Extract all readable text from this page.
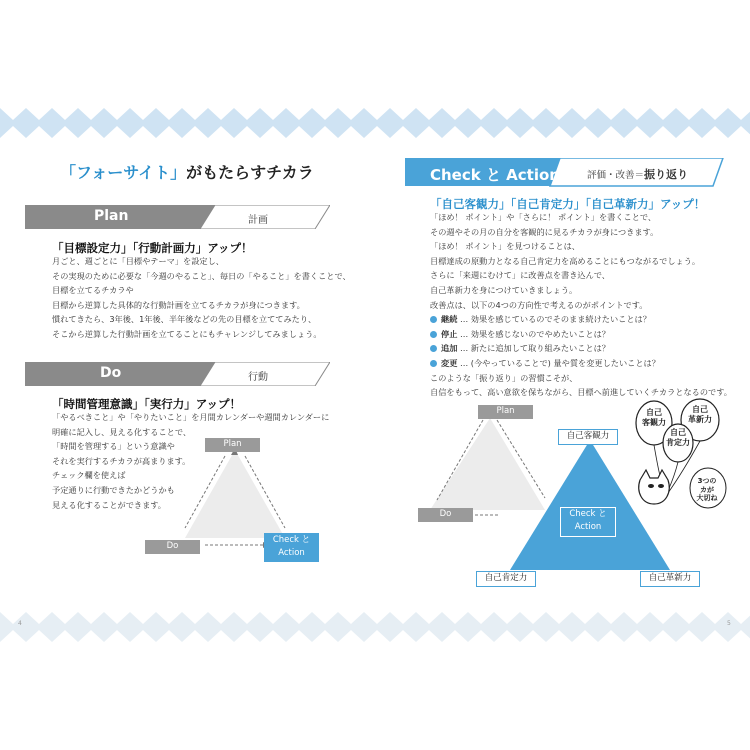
「フォーサイト」がもたらすチカラ
Plan	計画
「目標設定力」「行動計画力」アップ！
月ごと、週ごとに「目標やテーマ」を設定し、
その実現のために必要な「今週のやること」、毎日の「やること」を書くことで、
目標を立てるチカラや
目標から逆算した具体的な行動計画を立てるチカラが身につきます。
慣れてきたら、3年後、1年後、半年後などの先の目標を立ててみたり、
そこから逆算した行動計画を立てることにもチャレンジしてみましょう。
Do	行動
「時間管理意識」「実行力」アップ！
「やるべきこと」や「やりたいこと」を月間カレンダーや週間カレンダーに
明確に記入し、見える化することで、
「時間を管理する」という意識や
それを実行するチカラが高まります。
チェック欄を使えば
予定通りに行動できたかどうかも
見える化することができます。
Plan
Do
Check と
Action
4
Check と Action	評価・改善＝振り返り
「自己客観力」「自己肯定力」「自己革新力」アップ！
「ほめ！ ポイント」や「さらに！ ポイント」を書くことで、
その週やその月の自分を客観的に見るチカラが身につきます。
「ほめ！ ポイント」を見つけることは、
目標達成の原動力となる自己肯定力を高めることにもつながるでしょう。
さらに「来週にむけて」に改善点を書き込んで、
自己革新力を身につけていきましょう。
改善点は、以下の4つの方向性で考えるのがポイントです。
継続 … 効果を感じているのでそのまま続けたいことは？
停止 … 効果を感じないのでやめたいことは？
追加 … 新たに追加して取り組みたいことは？
変更 … (今やっていることで) 量や質を変更したいことは？
このような「振り返り」の習慣こそが、
自信をもって、高い意欲を保ちながら、目標へ前進していくチカラとなるのです。
Plan
Do
自己客観力
自己肯定力	自己革新力
Check と
Action
自己
客観力
自己
革新力
自己
肯定力
3つの
カが
大切ね
5
